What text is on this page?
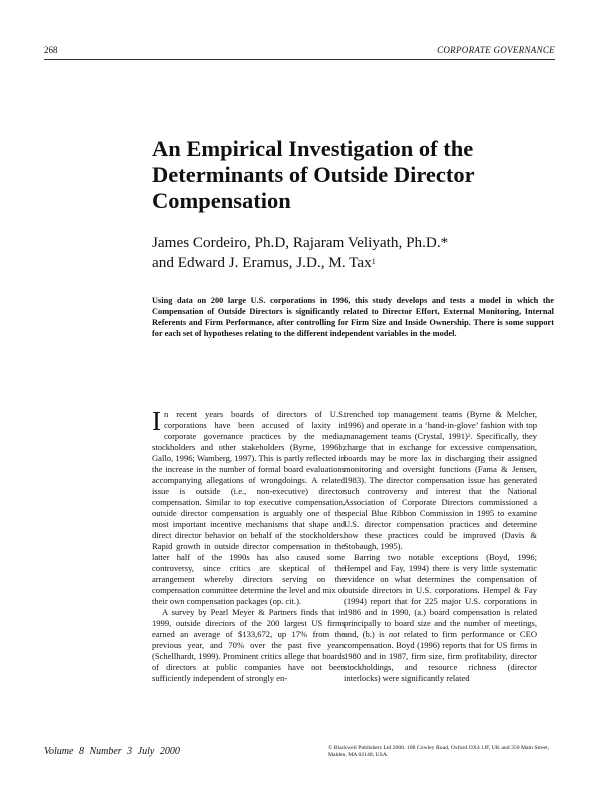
268	CORPORATE GOVERNANCE
An Empirical Investigation of the Determinants of Outside Director Compensation
James Cordeiro, Ph.D, Rajaram Veliyath, Ph.D.*
and Edward J. Eramus, J.D., M. Tax$^1$
Using data on 200 large U.S. corporations in 1996, this study develops and tests a model in which the Compensation of Outside Directors is significantly related to Director Effort, External Monitoring, Internal Referents and Firm Performance, after controlling for Firm Size and Inside Ownership. There is some support for each set of hypotheses relating to the different independent variables in the model.

In recent years boards of directors of U.S. corporations have been accused of laxity in corporate governance practices by the media, stockholders and other stakeholders (Byrne, 1996b; Gallo, 1996; Wamberg, 1997). This is partly reflected in the increase in the number of formal board evaluations accompanying allegations of wrongdoings. A related issue is outside (i.e., non-executive) director compensation. Similar to top executive compensation, outside director compensation is arguably one of the most important incentive mechanisms that shape and direct director behavior on behalf of the stockholders. Rapid growth in outside director compensation in the latter half of the 1990s has also caused some controversy, since critics are skeptical of the arrangement whereby directors serving on the compensation committee determine the level and mix of their own compensation packages (op. cit.).

A survey by Pearl Meyer & Partners finds that in 1999, outside directors of the 200 largest US firms earned an average of $133,672, up 17% from the previous year, and 70% over the past five years (Schellhardt, 1999). Prominent critics allege that boards of directors at public companies have not been sufficiently independent of strongly en-

trenched top management teams (Byrne & Melcher, 1996) and operate in a ‘hand-in-glove’ fashion with top management teams (Crystal, 1991)$^2$. Specifically, they charge that in exchange for excessive compensation, boards may be more lax in discharging their assigned monitoring and oversight functions (Fama & Jensen, 1983). The director compensation issue has generated such controversy and interest that the National Association of Corporate Directors commissioned a special Blue Ribbon Commission in 1995 to examine U.S. director compensation practices and determine how these practices could be improved (Davis & Stobaugh, 1995).

Barring two notable exceptions (Boyd, 1996; Hempel and Fay, 1994) there is very little systematic evidence on what determines the compensation of outside directors in U.S. corporations. Hempel & Fay (1994) report that for 225 major U.S. corporations in 1986 and in 1990, (a.) board compensation is related principally to board size and the number of meetings, and, (b.) is not related to firm performance or CEO compensation. Boyd (1996) reports that for US firms in 1980 and in 1987, firm size, firm profitability, director stockholdings, and resource richness (director interlocks) were significantly related

Volume 8 Number 3 July 2000	© Blackwell Publishers Ltd 2000. 108 Cowley Road, Oxford OX4 1JF, UK and 350 Main Street, Malden, MA 02148, USA.
